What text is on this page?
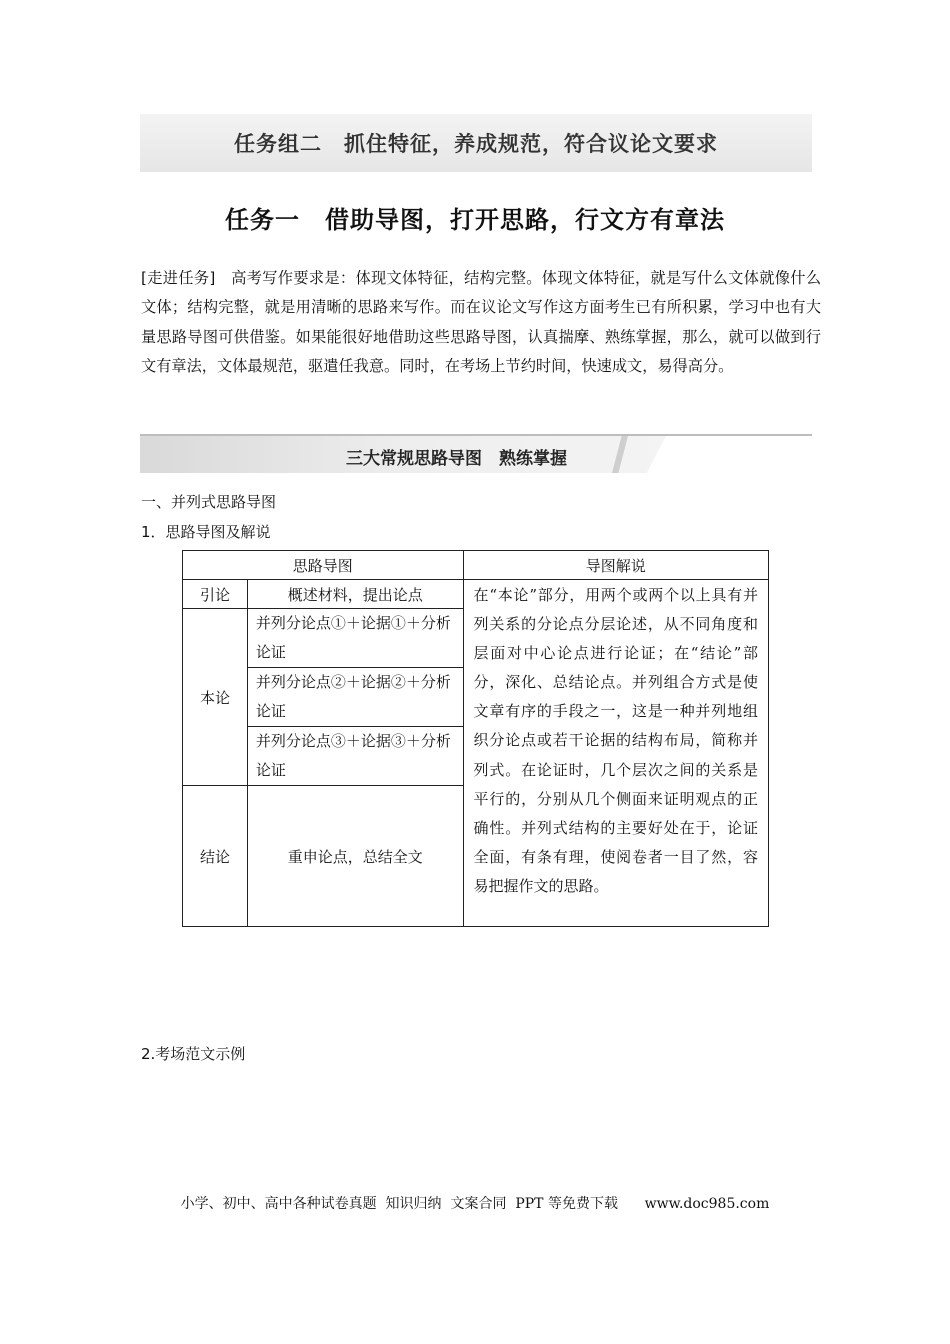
任务组二　抓住特征，养成规范，符合议论文要求
任务一　借助导图，打开思路，行文方有章法
[走进任务]　 高考写作要求是：体现文体特征，结构完整。体现文体特征，就是写什么文体就像什么文体；结构完整，就是用清晰的思路来写作。而在议论文写作这方面考生已有所积累，学习中也有大量思路导图可供借鉴。如果能很好地借助这些思路导图，认真揣摩、熟练掌握，那么，就可以做到行文有章法，文体最规范，驱遣任我意。同时，在考场上节约时间，快速成文，易得高分。
三大常规思路导图　熟练掌握
一、并列式思路导图
1．思路导图及解说
思路导图		导图解说
引论	概述材料，提出论点	在“本论”部分，用两个或两个以上具有并列关系的分论点分层论述，从不同角度和层面对中心论点进行论证；在“结论”部分，深化、总结论点。并列组合方式是使文章有序的手段之一，这是一种并列地组织分论点或若干论据的结构布局，简称并列式。在论证时，几个层次之间的关系是平行的，分别从几个侧面来证明观点的正确性。并列式结构的主要好处在于，论证全面，有条有理，使阅卷者一目了然，容易把握作文的思路。
本论	并列分论点①＋论据①＋分析论证	
	并列分论点②＋论据②＋分析论证	
	并列分论点③＋论据③＋分析论证	
结论	重申论点，总结全文	
2.考场范文示例
小学、初中、高中各种试卷真题  知识归纳  文案合同  PPT 等免费下载      www.doc985.com
